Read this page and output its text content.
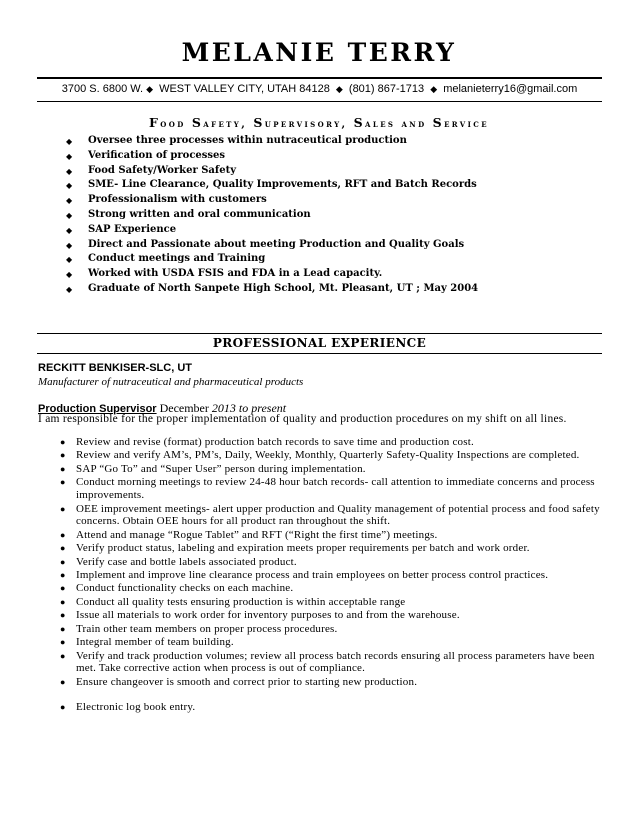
MELANIE TERRY
3700 S. 6800 W. ◆ WEST VALLEY CITY, UTAH 84128 ◆ (801) 867-1713 ◆ melanieterry16@gmail.com
Food Safety, Supervisory, Sales and Service
◆ Oversee three processes within nutraceutical production
◆ Verification of processes
◆ Food Safety/Worker Safety
◆ SME- Line Clearance, Quality Improvements, RFT and Batch Records
◆ Professionalism with customers
◆ Strong written and oral communication
◆ SAP Experience
◆ Direct and Passionate about meeting Production and Quality Goals
◆ Conduct meetings and Training
◆ Worked with USDA FSIS and FDA in a Lead capacity.
◆ Graduate of North Sanpete High School, Mt. Pleasant, UT ; May 2004
PROFESSIONAL EXPERIENCE
RECKITT BENKISER-SLC, UT
Manufacturer of nutraceutical and pharmaceutical products
Production Supervisor December 2013 to present
I am responsible for the proper implementation of quality and production procedures on my shift on all lines.
● Review and revise (format) production batch records to save time and production cost.
● Review and verify AM’s, PM’s, Daily, Weekly, Monthly, Quarterly Safety-Quality Inspections are completed.
● SAP “Go To” and “Super User” person during implementation.
● Conduct morning meetings to review 24-48 hour batch records- call attention to immediate concerns and process improvements.
● OEE improvement meetings- alert upper production and Quality management of potential process and food safety concerns. Obtain OEE hours for all product ran throughout the shift.
● Attend and manage “Rogue Tablet” and RFT (“Right the first time”) meetings.
● Verify product status, labeling and expiration meets proper requirements per batch and work order.
● Verify case and bottle labels associated product.
● Implement and improve line clearance process and train employees on better process control practices.
● Conduct functionality checks on each machine.
● Conduct all quality tests ensuring production is within acceptable range
● Issue all materials to work order for inventory purposes to and from the warehouse.
● Train other team members on proper process procedures.
● Integral member of team building.
● Verify and track production volumes; review all process batch records ensuring all process parameters have been met. Take corrective action when process is out of compliance.
● Ensure changeover is smooth and correct prior to starting new production.
● Electronic log book entry.
